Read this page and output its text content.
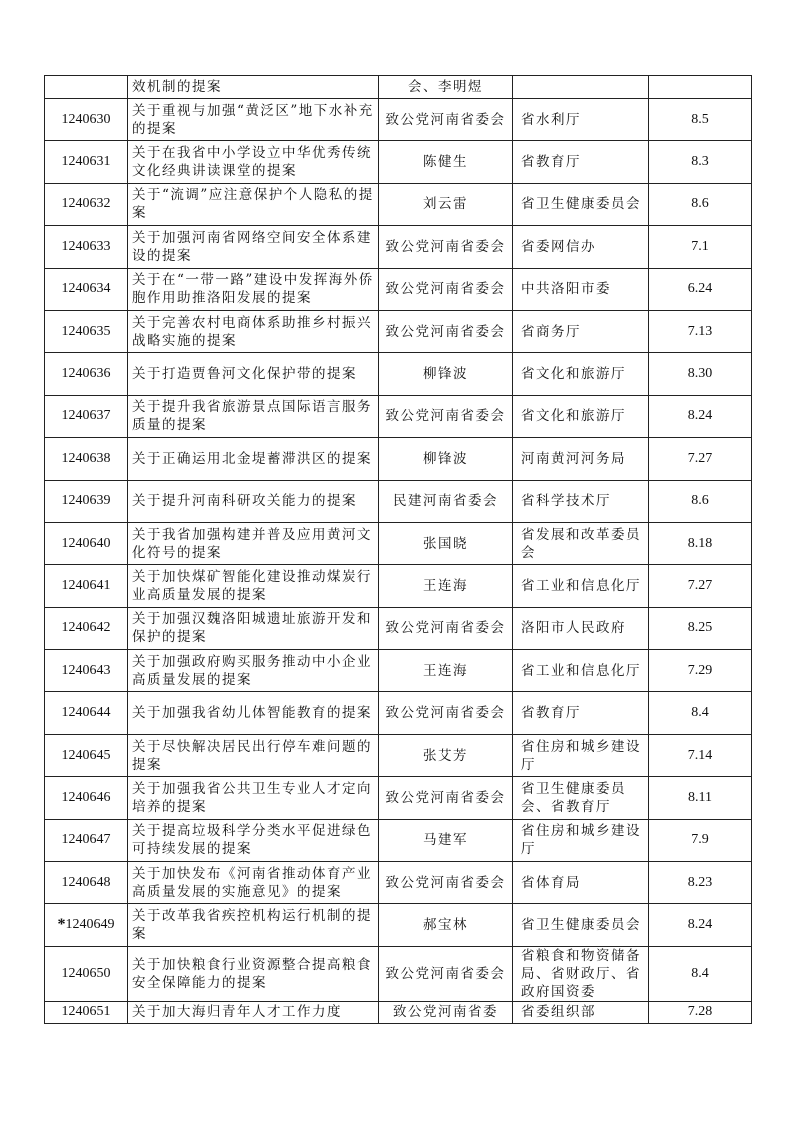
	效机制的提案	会、李明煜		
1240630	关于重视与加强“黄泛区”地下水补充的提案	致公党河南省委会	省水利厅	8.5
1240631	关于在我省中小学设立中华优秀传统文化经典讲读课堂的提案	陈健生	省教育厅	8.3
1240632	关于“流调”应注意保护个人隐私的提案	刘云雷	省卫生健康委员会	8.6
1240633	关于加强河南省网络空间安全体系建设的提案	致公党河南省委会	省委网信办	7.1
1240634	关于在“一带一路”建设中发挥海外侨胞作用助推洛阳发展的提案	致公党河南省委会	中共洛阳市委	6.24
1240635	关于完善农村电商体系助推乡村振兴战略实施的提案	致公党河南省委会	省商务厅	7.13
1240636	关于打造贾鲁河文化保护带的提案	柳锋波	省文化和旅游厅	8.30
1240637	关于提升我省旅游景点国际语言服务质量的提案	致公党河南省委会	省文化和旅游厅	8.24
1240638	关于正确运用北金堤蓄滞洪区的提案	柳锋波	河南黄河河务局	7.27
1240639	关于提升河南科研攻关能力的提案	民建河南省委会	省科学技术厅	8.6
1240640	关于我省加强构建并普及应用黄河文化符号的提案	张国晓	省发展和改革委员会	8.18
1240641	关于加快煤矿智能化建设推动煤炭行业高质量发展的提案	王连海	省工业和信息化厅	7.27
1240642	关于加强汉魏洛阳城遗址旅游开发和保护的提案	致公党河南省委会	洛阳市人民政府	8.25
1240643	关于加强政府购买服务推动中小企业高质量发展的提案	王连海	省工业和信息化厅	7.29
1240644	关于加强我省幼儿体智能教育的提案	致公党河南省委会	省教育厅	8.4
1240645	关于尽快解决居民出行停车难问题的提案	张艾芳	省住房和城乡建设厅	7.14
1240646	关于加强我省公共卫生专业人才定向培养的提案	致公党河南省委会	省卫生健康委员会、省教育厅	8.11
1240647	关于提高垃圾科学分类水平促进绿色可持续发展的提案	马建军	省住房和城乡建设厅	7.9
1240648	关于加快发布《河南省推动体育产业高质量发展的实施意见》的提案	致公党河南省委会	省体育局	8.23
*1240649	关于改革我省疾控机构运行机制的提案	郝宝林	省卫生健康委员会	8.24
1240650	关于加快粮食行业资源整合提高粮食安全保障能力的提案	致公党河南省委会	省粮食和物资储备局、省财政厅、省政府国资委	8.4
1240651	关于加大海归青年人才工作力度	致公党河南省委	省委组织部	7.28
